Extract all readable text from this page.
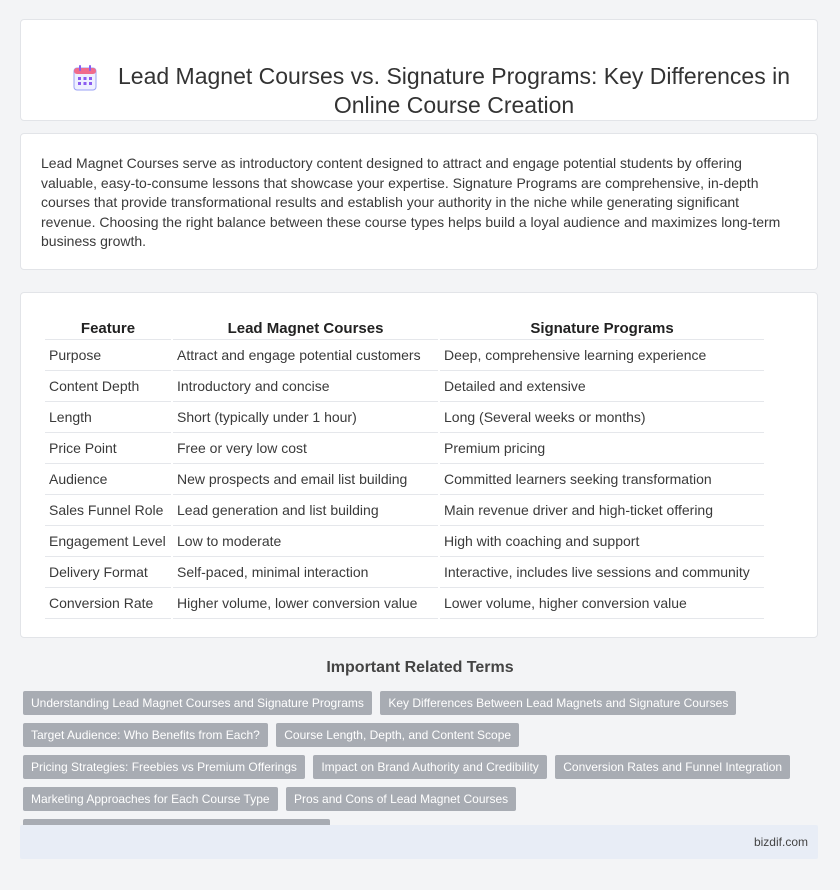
Lead Magnet Courses vs. Signature Programs: Key Differences in Online Course Creation

Lead Magnet Courses serve as introductory content designed to attract and engage potential students by offering valuable, easy-to-consume lessons that showcase your expertise. Signature Programs are comprehensive, in-depth courses that provide transformational results and establish your authority in the niche while generating significant revenue. Choosing the right balance between these course types helps build a loyal audience and maximizes long-term business growth.

Feature	Lead Magnet Courses	Signature Programs
Purpose	Attract and engage potential customers	Deep, comprehensive learning experience
Content Depth	Introductory and concise	Detailed and extensive
Length	Short (typically under 1 hour)	Long (Several weeks or months)
Price Point	Free or very low cost	Premium pricing
Audience	New prospects and email list building	Committed learners seeking transformation
Sales Funnel Role	Lead generation and list building	Main revenue driver and high-ticket offering
Engagement Level	Low to moderate	High with coaching and support
Delivery Format	Self-paced, minimal interaction	Interactive, includes live sessions and community
Conversion Rate	Higher volume, lower conversion value	Lower volume, higher conversion value
Important Related Terms
Understanding Lead Magnet Courses and Signature Programs Key Differences Between Lead Magnets and Signature Courses Target Audience: Who Benefits from Each? Course Length, Depth, and Content Scope Pricing Strategies: Freebies vs Premium Offerings Impact on Brand Authority and Credibility Conversion Rates and Funnel Integration Marketing Approaches for Each Course Type Pros and Cons of Lead Magnet Courses
bizdif.com
